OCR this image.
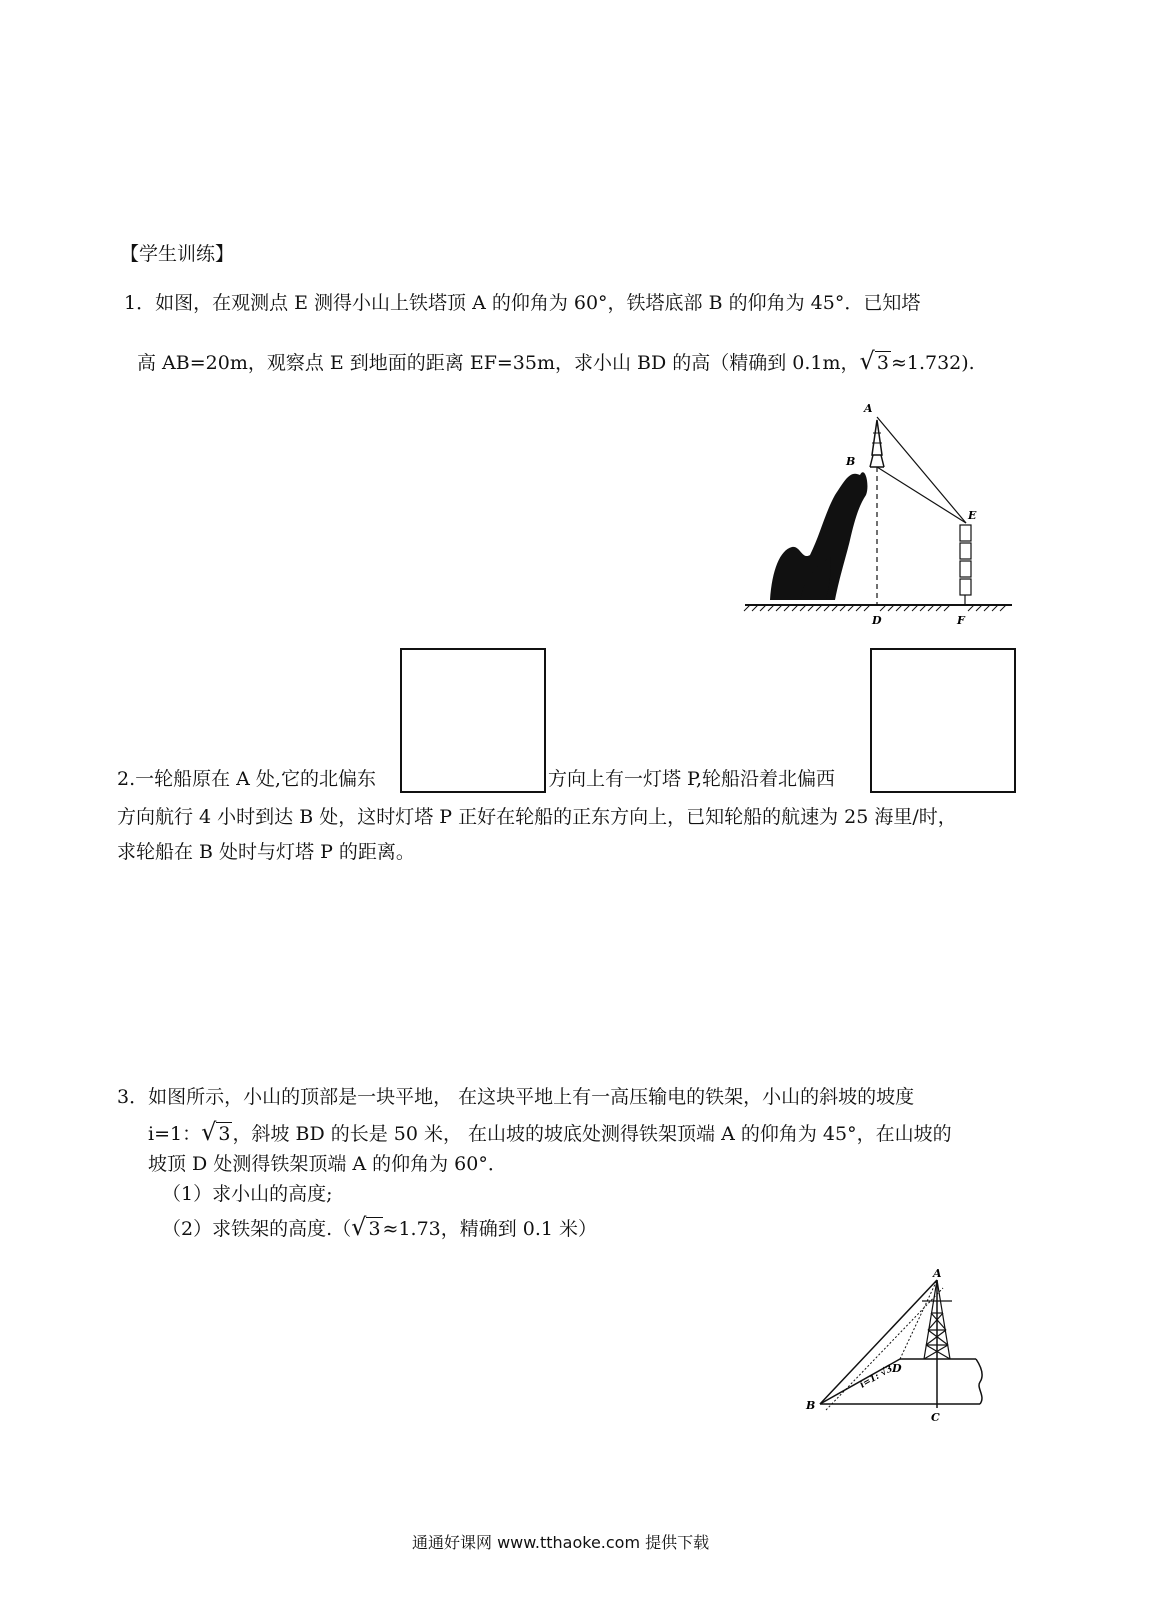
【学生训练】
1．如图，在观测点 E 测得小山上铁塔顶 A 的仰角为 60°，铁塔底部 B 的仰角为 45°．已知塔
高 AB=20m，观察点 E 到地面的距离 EF=35m，求小山 BD 的高（精确到 0.1m，√ 3 ≈1.732).
A
B
E
D	F
2.一轮船原在 A 处,它的北偏东	方向上有一灯塔 P,轮船沿着北偏西
方向航行 4 小时到达 B 处，这时灯塔 P 正好在轮船的正东方向上，已知轮船的航速为 25 海里/时，
求轮船在 B 处时与灯塔 P 的距离。
3．如图所示，小山的顶部是一块平地， 在这块平地上有一高压输电的铁架，小山的斜坡的坡度
i=1：√ 3 ，斜坡 BD 的长是 50 米， 在山坡的坡底处测得铁架顶端 A 的仰角为 45°，在山坡的
坡顶 D 处测得铁架顶端 A 的仰角为 60°．
（1）求小山的高度;
（2）求铁架的高度.（√ 3 ≈1.73，精确到 0.1 米）
A
D
B
C
i=1: √3
通通好课网 www.tthaoke.com 提供下载
